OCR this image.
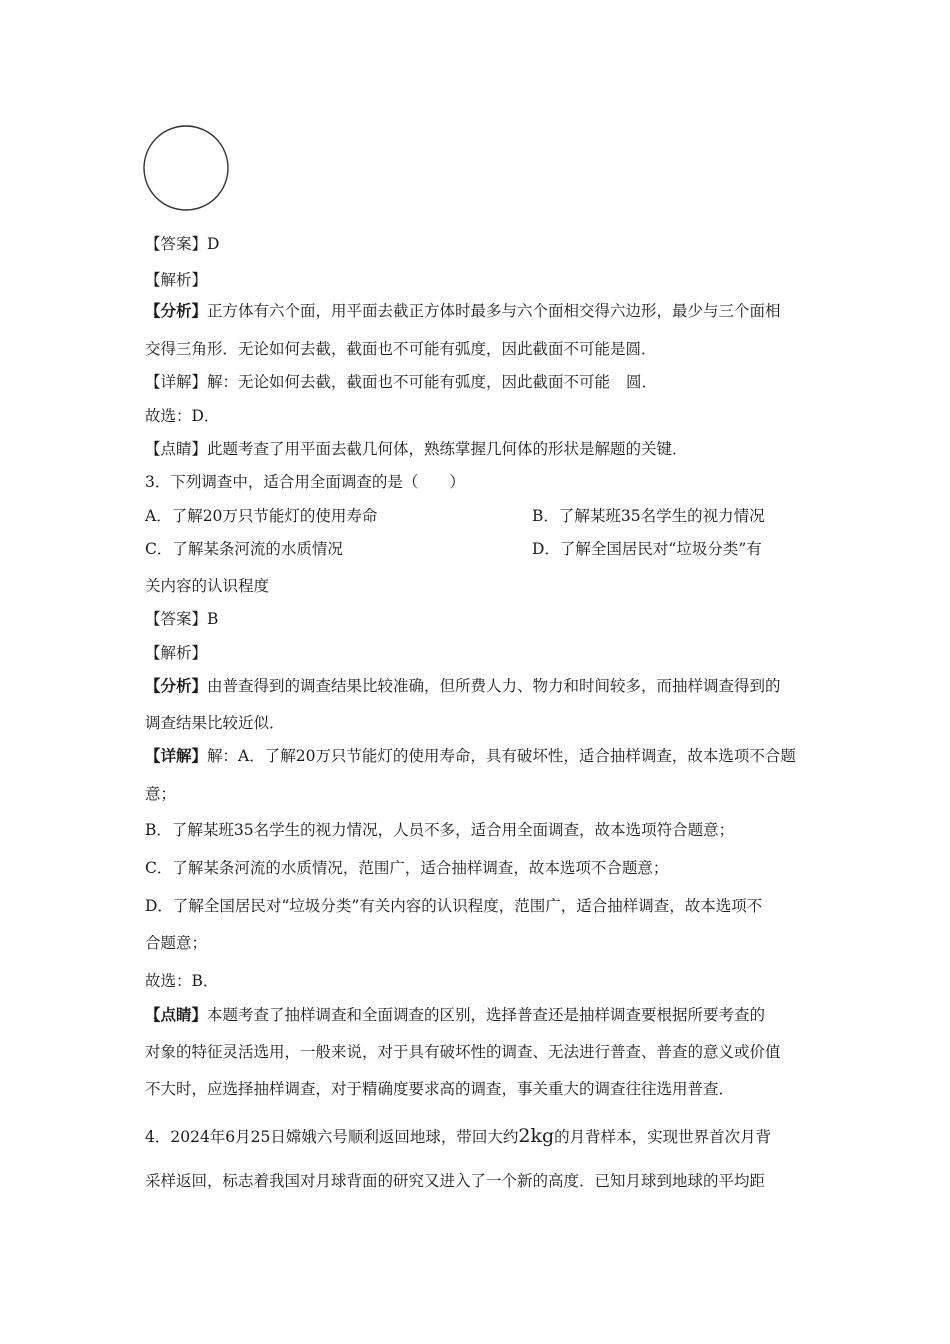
【答案】D
【解析】
【分析】正方体有六个面，用平面去截正方体时最多与六个面相交得六边形，最少与三个面相
交得三角形．无论如何去截，截面也不可能有弧度，因此截面不可能是圆．
【详解】解：无论如何去截，截面也不可能有弧度，因此截面不可能 圆．
故选：D．
【点睛】此题考查了用平面去截几何体，熟练掌握几何体的形状是解题的关键．
3．下列调查中，适合用全面调查的是（　　）
A．了解20万只节能灯的使用寿命	B．了解某班35名学生的视力情况
C．了解某条河流的水质情况	D．了解全国居民对“垃圾分类”有
关内容的认识程度
【答案】B
【解析】
【分析】由普查得到的调查结果比较准确，但所费人力、物力和时间较多，而抽样调查得到的
调查结果比较近似．
【详解】解：A．了解20万只节能灯的使用寿命，具有破坏性，适合抽样调查，故本选项不合题
意；
B．了解某班35名学生的视力情况，人员不多，适合用全面调查，故本选项符合题意；
C．了解某条河流的水质情况，范围广，适合抽样调查，故本选项不合题意；
D．了解全国居民对“垃圾分类”有关内容的认识程度，范围广，适合抽样调查，故本选项不
合题意；
故选：B．
【点睛】本题考查了抽样调查和全面调查的区别，选择普查还是抽样调查要根据所要考查的
对象的特征灵活选用，一般来说，对于具有破坏性的调查、无法进行普查、普查的意义或价值
不大时，应选择抽样调查，对于精确度要求高的调查，事关重大的调查往往选用普查．
4．2024年6月25日嫦娥六号顺利返回地球，带回大约2kg的月背样本，实现世界首次月背
采样返回，标志着我国对月球背面的研究又进入了一个新的高度．已知月球到地球的平均距
